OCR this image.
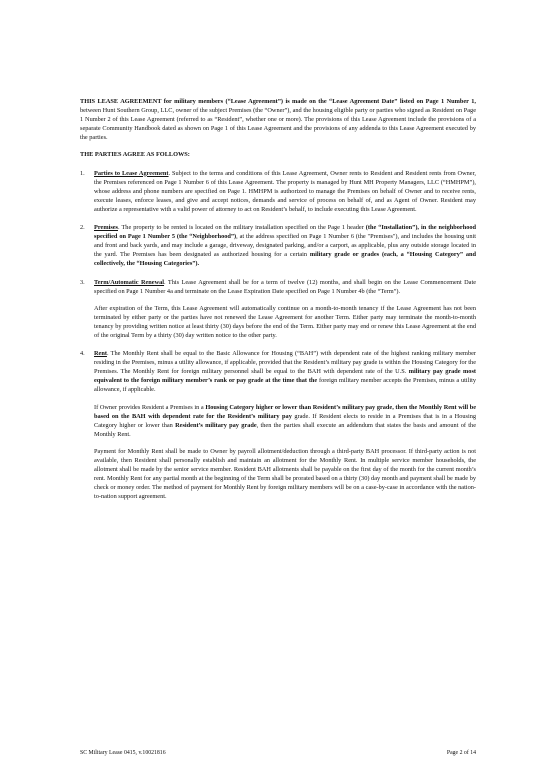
THIS LEASE AGREEMENT for military members (“Lease Agreement”) is made on the “Lease Agreement Date” listed on Page 1 Number 1, between Hunt Southern Group, LLC, owner of the subject Premises (the “Owner”), and the housing eligible party or parties who signed as Resident on Page 1 Number 2 of this Lease Agreement (referred to as “Resident”, whether one or more). The provisions of this Lease Agreement include the provisions of a separate Community Handbook dated as shown on Page 1 of this Lease Agreement and the provisions of any addenda to this Lease Agreement executed by the parties.

THE PARTIES AGREE AS FOLLOWS:
1. Parties to Lease Agreement. Subject to the terms and conditions of this Lease Agreement, Owner rents to Resident and Resident rents from Owner, the Premises referenced on Page 1 Number 6 of this Lease Agreement. The property is managed by Hunt MH Property Managers, LLC (“HMHPM”), whose address and phone numbers are specified on Page 1. HMHPM is authorized to manage the Premises on behalf of Owner and to receive rents, execute leases, enforce leases, and give and accept notices, demands and service of process on behalf of, and as Agent of Owner. Resident may authorize a representative with a valid power of attorney to act on Resident’s behalf, to include executing this Lease Agreement.

2. Premises. The property to be rented is located on the military installation specified on the Page 1 header (the “Installation”), in the neighborhood specified on Page 1 Number 5 (the “Neighborhood”), at the address specified on Page 1 Number 6 (the "Premises"), and includes the housing unit and front and back yards, and may include a garage, driveway, designated parking, and/or a carport, as applicable, plus any outside storage located in the yard. The Premises has been designated as authorized housing for a certain military grade or grades (each, a “Housing Category” and collectively, the “Housing Categories”).

3. Term/Automatic Renewal. This Lease Agreement shall be for a term of twelve (12) months, and shall begin on the Lease Commencement Date specified on Page 1 Number 4a and terminate on the Lease Expiration Date specified on Page 1 Number 4b (the “Term”).

After expiration of the Term, this Lease Agreement will automatically continue on a month-to-month tenancy if the Lease Agreement has not been terminated by either party or the parties have not renewed the Lease Agreement for another Term. Either party may terminate the month-to-month tenancy by providing written notice at least thirty (30) days before the end of the Term. Either party may end or renew this Lease Agreement at the end of the original Term by a thirty (30) day written notice to the other party.

4. Rent. The Monthly Rent shall be equal to the Basic Allowance for Housing (“BAH”) with dependent rate of the highest ranking military member residing in the Premises, minus a utility allowance, if applicable, provided that the Resident’s military pay grade is within the Housing Category for the Premises. The Monthly Rent for foreign military personnel shall be equal to the BAH with dependent rate of the U.S. military pay grade most equivalent to the foreign military member’s rank or pay grade at the time that the foreign military member accepts the Premises, minus a utility allowance, if applicable.

If Owner provides Resident a Premises in a Housing Category higher or lower than Resident’s military pay grade, then the Monthly Rent will be based on the BAH with dependent rate for the Resident’s military pay grade. If Resident elects to reside in a Premises that is in a Housing Category higher or lower than Resident’s military pay grade, then the parties shall execute an addendum that states the basis and amount of the Monthly Rent.

Payment for Monthly Rent shall be made to Owner by payroll allotment/deduction through a third-party BAH processor. If third-party action is not available, then Resident shall personally establish and maintain an allotment for the Monthly Rent. In multiple service member households, the allotment shall be made by the senior service member. Resident BAH allotments shall be payable on the first day of the month for the current month’s rent. Monthly Rent for any partial month at the beginning of the Term shall be prorated based on a thirty (30) day month and payment shall be made by check or money order. The method of payment for Monthly Rent by foreign military members will be on a case-by-case in accordance with the nation-to-nation support agreement.

SC Military Lease 0415, v.10021816	Page 2 of 14
